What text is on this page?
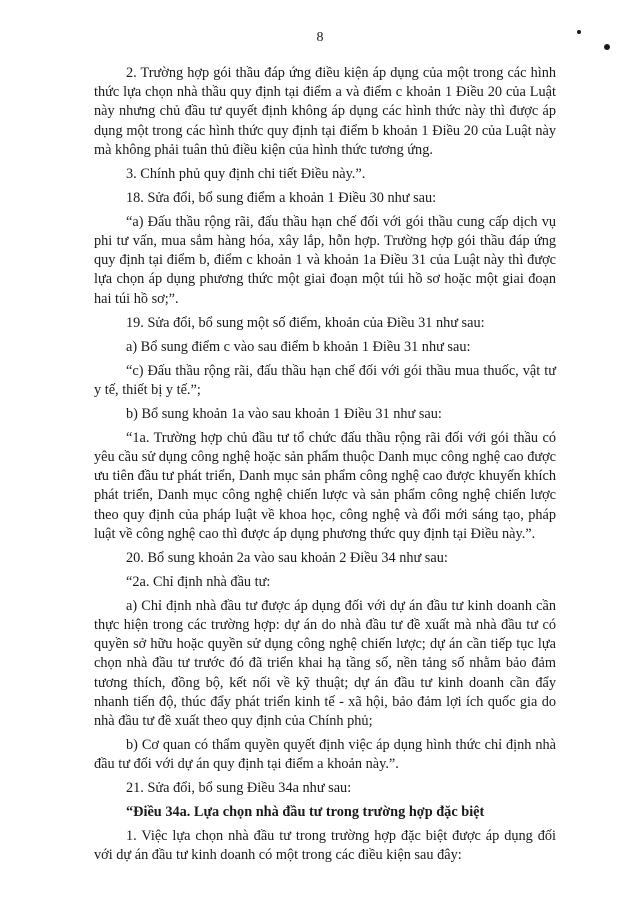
8

2. Trường hợp gói thầu đáp ứng điều kiện áp dụng của một trong các hình thức lựa chọn nhà thầu quy định tại điểm a và điểm c khoản 1 Điều 20 của Luật này nhưng chủ đầu tư quyết định không áp dụng các hình thức này thì được áp dụng một trong các hình thức quy định tại điểm b khoản 1 Điều 20 của Luật này mà không phải tuân thủ điều kiện của hình thức tương ứng.

3. Chính phủ quy định chi tiết Điều này.”.

18. Sửa đổi, bổ sung điểm a khoản 1 Điều 30 như sau:

“a) Đấu thầu rộng rãi, đấu thầu hạn chế đối với gói thầu cung cấp dịch vụ phi tư vấn, mua sắm hàng hóa, xây lắp, hỗn hợp. Trường hợp gói thầu đáp ứng quy định tại điểm b, điểm c khoản 1 và khoản 1a Điều 31 của Luật này thì được lựa chọn áp dụng phương thức một giai đoạn một túi hồ sơ hoặc một giai đoạn hai túi hồ sơ;”.

19. Sửa đổi, bổ sung một số điểm, khoản của Điều 31 như sau:

a) Bổ sung điểm c vào sau điểm b khoản 1 Điều 31 như sau:

“c) Đấu thầu rộng rãi, đấu thầu hạn chế đối với gói thầu mua thuốc, vật tư y tế, thiết bị y tế.”;

b) Bổ sung khoản 1a vào sau khoản 1 Điều 31 như sau:

“1a. Trường hợp chủ đầu tư tổ chức đấu thầu rộng rãi đối với gói thầu có yêu cầu sử dụng công nghệ hoặc sản phẩm thuộc Danh mục công nghệ cao được ưu tiên đầu tư phát triển, Danh mục sản phẩm công nghệ cao được khuyến khích phát triển, Danh mục công nghệ chiến lược và sản phẩm công nghệ chiến lược theo quy định của pháp luật về khoa học, công nghệ và đổi mới sáng tạo, pháp luật về công nghệ cao thì được áp dụng phương thức quy định tại Điều này.”.

20. Bổ sung khoản 2a vào sau khoản 2 Điều 34 như sau:

“2a. Chỉ định nhà đầu tư:

a) Chỉ định nhà đầu tư được áp dụng đối với dự án đầu tư kinh doanh cần thực hiện trong các trường hợp: dự án do nhà đầu tư đề xuất mà nhà đầu tư có quyền sở hữu hoặc quyền sử dụng công nghệ chiến lược; dự án cần tiếp tục lựa chọn nhà đầu tư trước đó đã triển khai hạ tầng số, nền tảng số nhằm bảo đảm tương thích, đồng bộ, kết nối về kỹ thuật; dự án đầu tư kinh doanh cần đẩy nhanh tiến độ, thúc đẩy phát triển kinh tế - xã hội, bảo đảm lợi ích quốc gia do nhà đầu tư đề xuất theo quy định của Chính phủ;

b) Cơ quan có thẩm quyền quyết định việc áp dụng hình thức chỉ định nhà đầu tư đối với dự án quy định tại điểm a khoản này.”.

21. Sửa đổi, bổ sung Điều 34a như sau:

“Điều 34a. Lựa chọn nhà đầu tư trong trường hợp đặc biệt

1. Việc lựa chọn nhà đầu tư trong trường hợp đặc biệt được áp dụng đối với dự án đầu tư kinh doanh có một trong các điều kiện sau đây:
